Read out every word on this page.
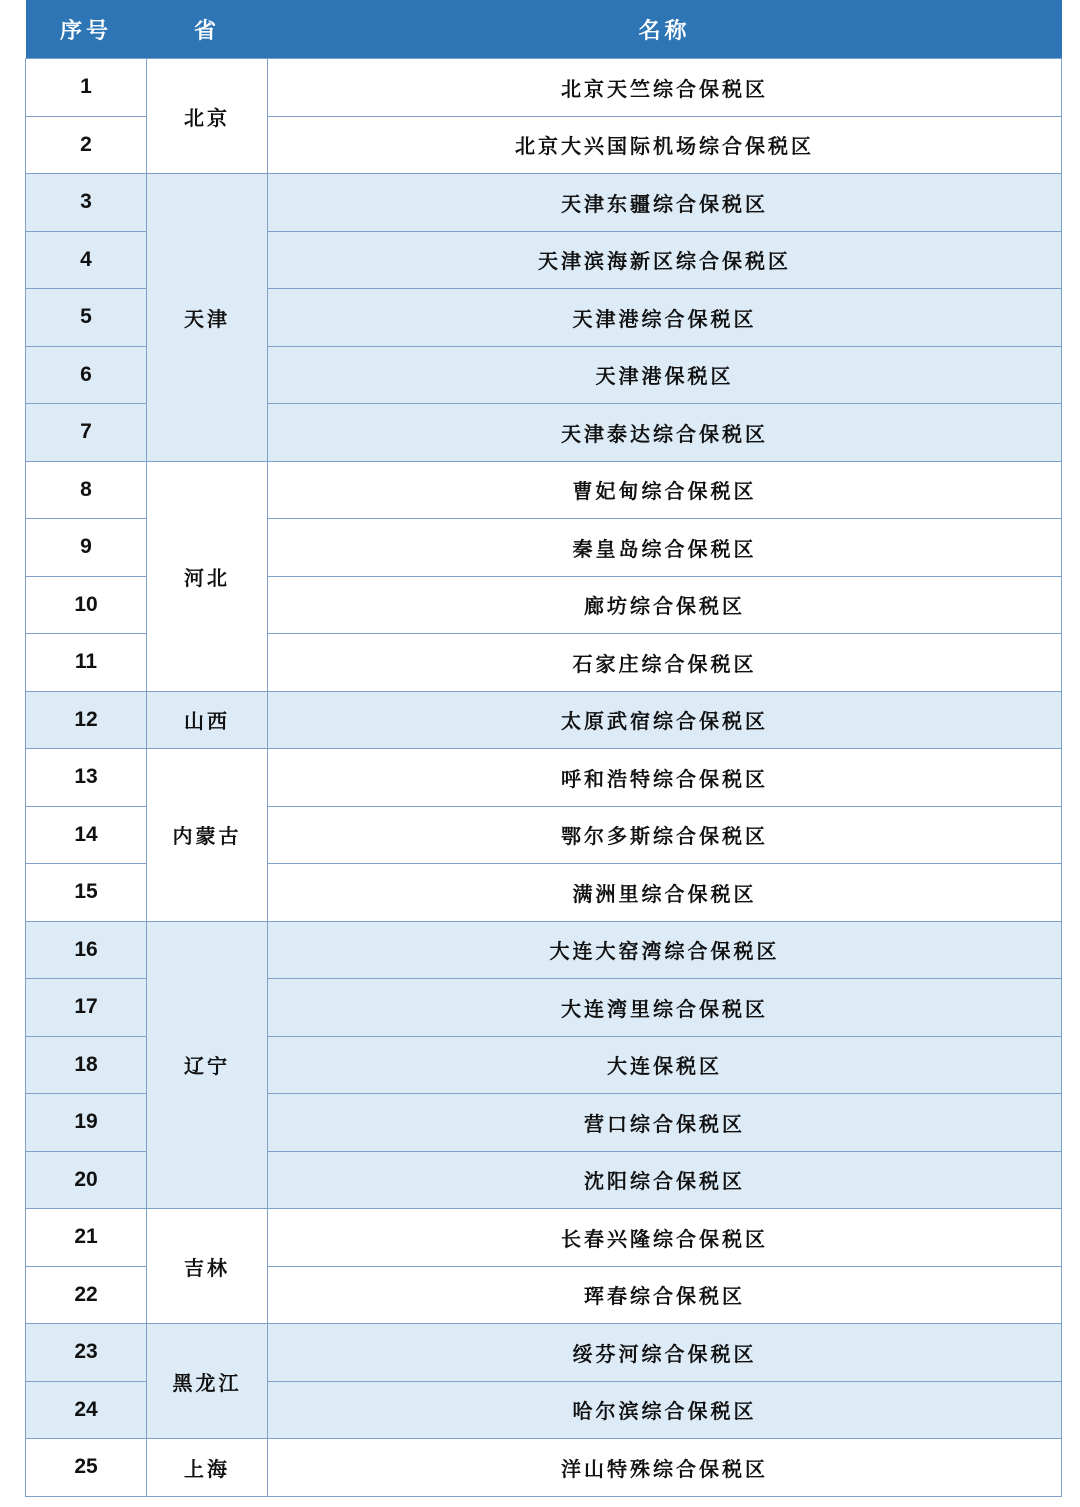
序号	省	名称
1	北京	北京天竺综合保税区
2		北京大兴国际机场综合保税区
3	天津	天津东疆综合保税区
4		天津滨海新区综合保税区
5		天津港综合保税区
6		天津港保税区
7		天津泰达综合保税区
8	河北	曹妃甸综合保税区
9		秦皇岛综合保税区
10		廊坊综合保税区
11		石家庄综合保税区
12	山西	太原武宿综合保税区
13	内蒙古	呼和浩特综合保税区
14		鄂尔多斯综合保税区
15		满洲里综合保税区
16	辽宁	大连大窑湾综合保税区
17		大连湾里综合保税区
18		大连保税区
19		营口综合保税区
20		沈阳综合保税区
21	吉林	长春兴隆综合保税区
22		珲春综合保税区
23	黑龙江	绥芬河综合保税区
24		哈尔滨综合保税区
25	上海	洋山特殊综合保税区
